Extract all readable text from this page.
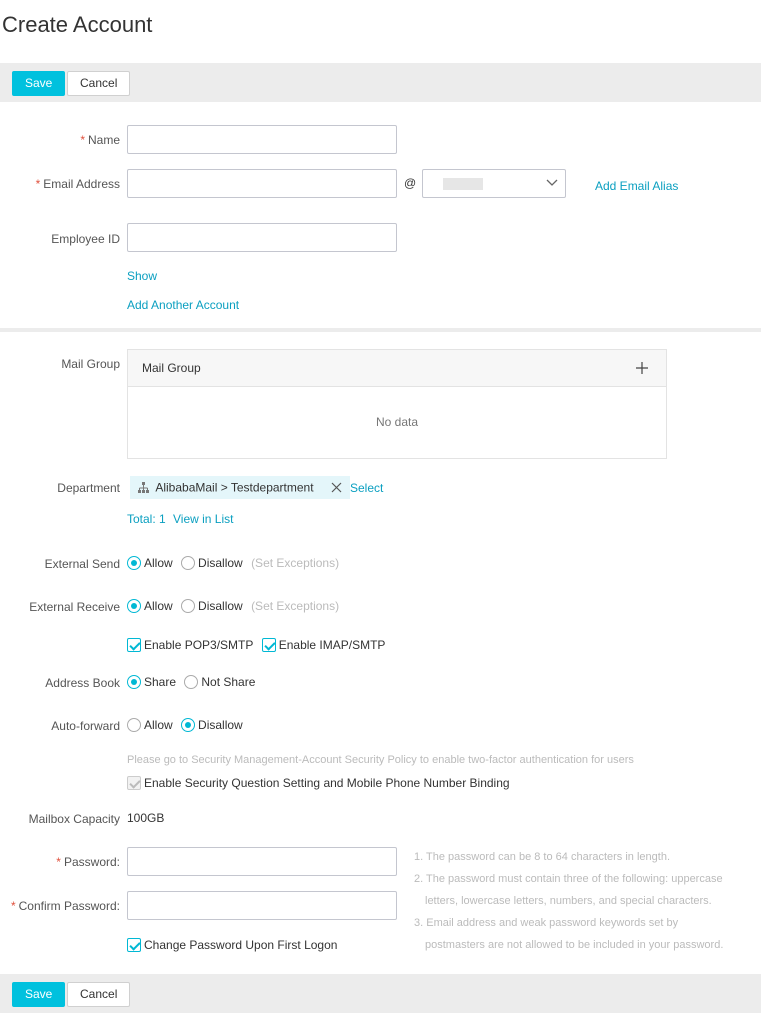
Create Account
Save	Cancel
* Name
* Email Address	@	Add Email Alias
Employee ID
Show
Add Another Account
Mail Group Mail Group
No data
Department	AlibabaMail > Testdepartment	Select
Total: 1 View in List
External Send	Allow Disallow (Set Exceptions)
External Receive	Allow Disallow (Set Exceptions)
Enable POP3/SMTP Enable IMAP/SMTP
Address Book	Share Not Share
Auto-forward	Allow Disallow
Please go to Security Management-Account Security Policy to enable two-factor authentication for users
Enable Security Question Setting and Mobile Phone Number Binding
Mailbox Capacity 100GB
* Password:
* Confirm Password:
Change Password Upon First Logon
1. The password can be 8 to 64 characters in length.
2. The password must contain three of the following: uppercase
letters, lowercase letters, numbers, and special characters.
3. Email address and weak password keywords set by
postmasters are not allowed to be included in your password.
Save	Cancel
